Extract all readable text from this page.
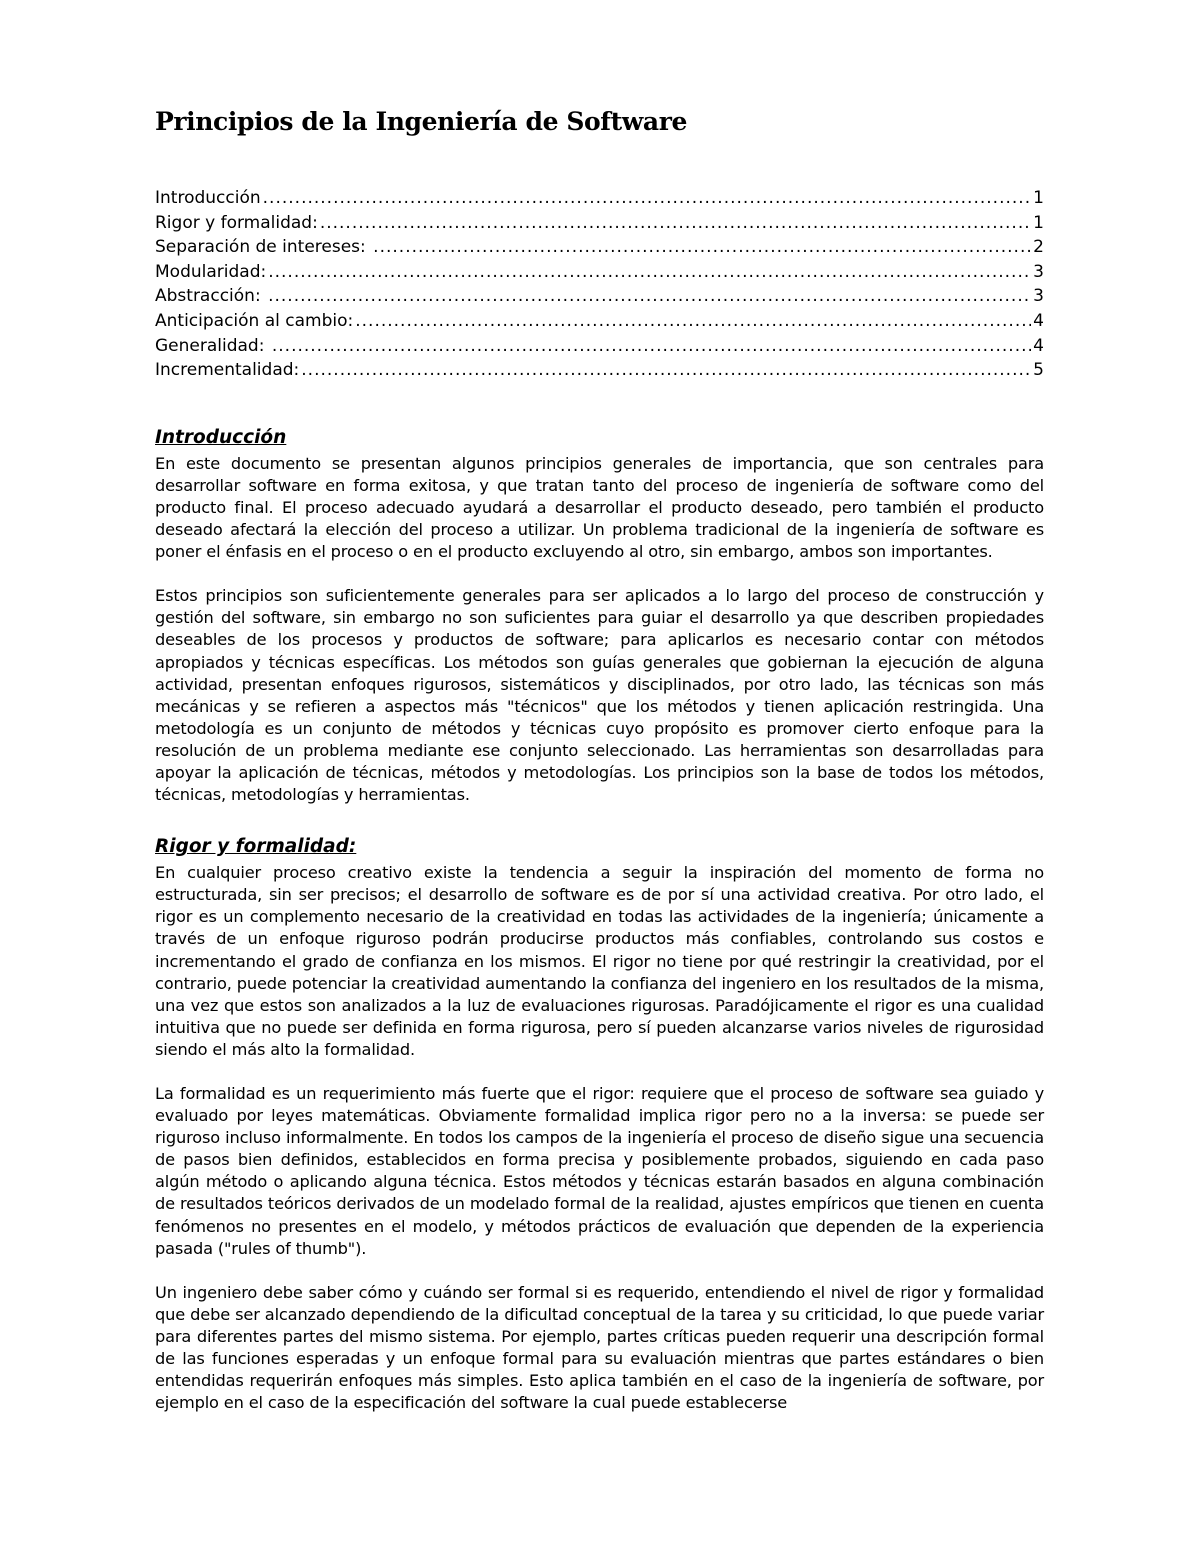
Principios de la Ingeniería de Software
Introducción .....	1
Rigor y formalidad: .....	1
Separación de intereses: .....	2
Modularidad: .....	3
Abstracción: .....	3
Anticipación al cambio: .....	4
Generalidad: .....	4
Incrementalidad: .....	5
Introducción

En este documento se presentan algunos principios generales de importancia, que son centrales para desarrollar software en forma exitosa, y que tratan tanto del proceso de ingeniería de software como del producto final. El proceso adecuado ayudará a desarrollar el producto deseado, pero también el producto deseado afectará la elección del proceso a utilizar. Un problema tradicional de la ingeniería de software es poner el énfasis en el proceso o en el producto excluyendo al otro, sin embargo, ambos son importantes.

Estos principios son suficientemente generales para ser aplicados a lo largo del proceso de construcción y gestión del software, sin embargo no son suficientes para guiar el desarrollo ya que describen propiedades deseables de los procesos y productos de software; para aplicarlos es necesario contar con métodos apropiados y técnicas específicas. Los métodos son guías generales que gobiernan la ejecución de alguna actividad, presentan enfoques rigurosos, sistemáticos y disciplinados, por otro lado, las técnicas son más mecánicas y se refieren a aspectos más "técnicos" que los métodos y tienen aplicación restringida. Una metodología es un conjunto de métodos y técnicas cuyo propósito es promover cierto enfoque para la resolución de un problema mediante ese conjunto seleccionado. Las herramientas son desarrolladas para apoyar la aplicación de técnicas, métodos y metodologías. Los principios son la base de todos los métodos, técnicas, metodologías y herramientas.

Rigor y formalidad:

En cualquier proceso creativo existe la tendencia a seguir la inspiración del momento de forma no estructurada, sin ser precisos; el desarrollo de software es de por sí una actividad creativa. Por otro lado, el rigor es un complemento necesario de la creatividad en todas las actividades de la ingeniería; únicamente a través de un enfoque riguroso podrán producirse productos más confiables, controlando sus costos e incrementando el grado de confianza en los mismos. El rigor no tiene por qué restringir la creatividad, por el contrario, puede potenciar la creatividad aumentando la confianza del ingeniero en los resultados de la misma, una vez que estos son analizados a la luz de evaluaciones rigurosas. Paradójicamente el rigor es una cualidad intuitiva que no puede ser definida en forma rigurosa, pero sí pueden alcanzarse varios niveles de rigurosidad siendo el más alto la formalidad.

La formalidad es un requerimiento más fuerte que el rigor: requiere que el proceso de software sea guiado y evaluado por leyes matemáticas. Obviamente formalidad implica rigor pero no a la inversa: se puede ser riguroso incluso informalmente. En todos los campos de la ingeniería el proceso de diseño sigue una secuencia de pasos bien definidos, establecidos en forma precisa y posiblemente probados, siguiendo en cada paso algún método o aplicando alguna técnica. Estos métodos y técnicas estarán basados en alguna combinación de resultados teóricos derivados de un modelado formal de la realidad, ajustes empíricos que tienen en cuenta fenómenos no presentes en el modelo, y métodos prácticos de evaluación que dependen de la experiencia pasada ("rules of thumb").

Un ingeniero debe saber cómo y cuándo ser formal si es requerido, entendiendo el nivel de rigor y formalidad que debe ser alcanzado dependiendo de la dificultad conceptual de la tarea y su criticidad, lo que puede variar para diferentes partes del mismo sistema. Por ejemplo, partes críticas pueden requerir una descripción formal de las funciones esperadas y un enfoque formal para su evaluación mientras que partes estándares o bien entendidas requerirán enfoques más simples. Esto aplica también en el caso de la ingeniería de software, por ejemplo en el caso de la especificación del software la cual puede establecerse
